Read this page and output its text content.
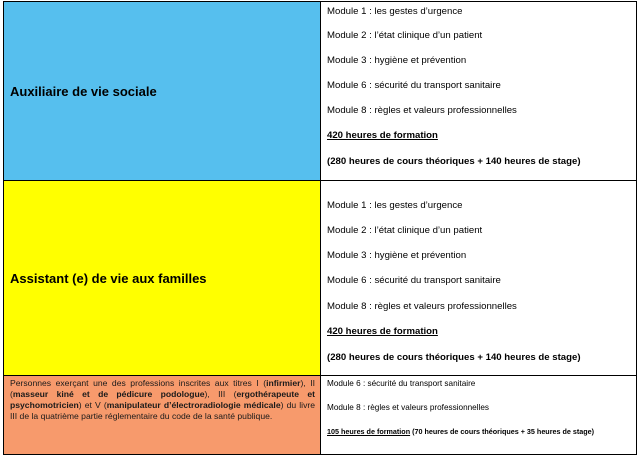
Auxiliaire de vie sociale
Module 1 : les gestes d’urgence
Module 2 : l’état clinique d’un patient
Module 3 : hygiène et prévention
Module 6 : sécurité du transport sanitaire
Module 8 : règles et valeurs professionnelles
420 heures de formation
(280 heures de cours théoriques + 140 heures de stage)
Assistant (e) de vie aux familles
Module 1 : les gestes d’urgence
Module 2 : l’état clinique d’un patient
Module 3 : hygiène et prévention
Module 6 : sécurité du transport sanitaire
Module 8 : règles et valeurs professionnelles
420 heures de formation
(280 heures de cours théoriques + 140 heures de stage)
Personnes exerçant une des professions inscrites aux titres I (infirmier), II (masseur kiné et de pédicure podologue), III (ergothérapeute et psychomotricien) et V (manipulateur d’électroradiologie médicale) du livre III de la quatrième partie réglementaire du code de la santé publique.
Module 6 : sécurité du transport sanitaire
Module 8 : règles et valeurs professionnelles
105 heures de formation (70 heures de cours théoriques + 35 heures de stage)
